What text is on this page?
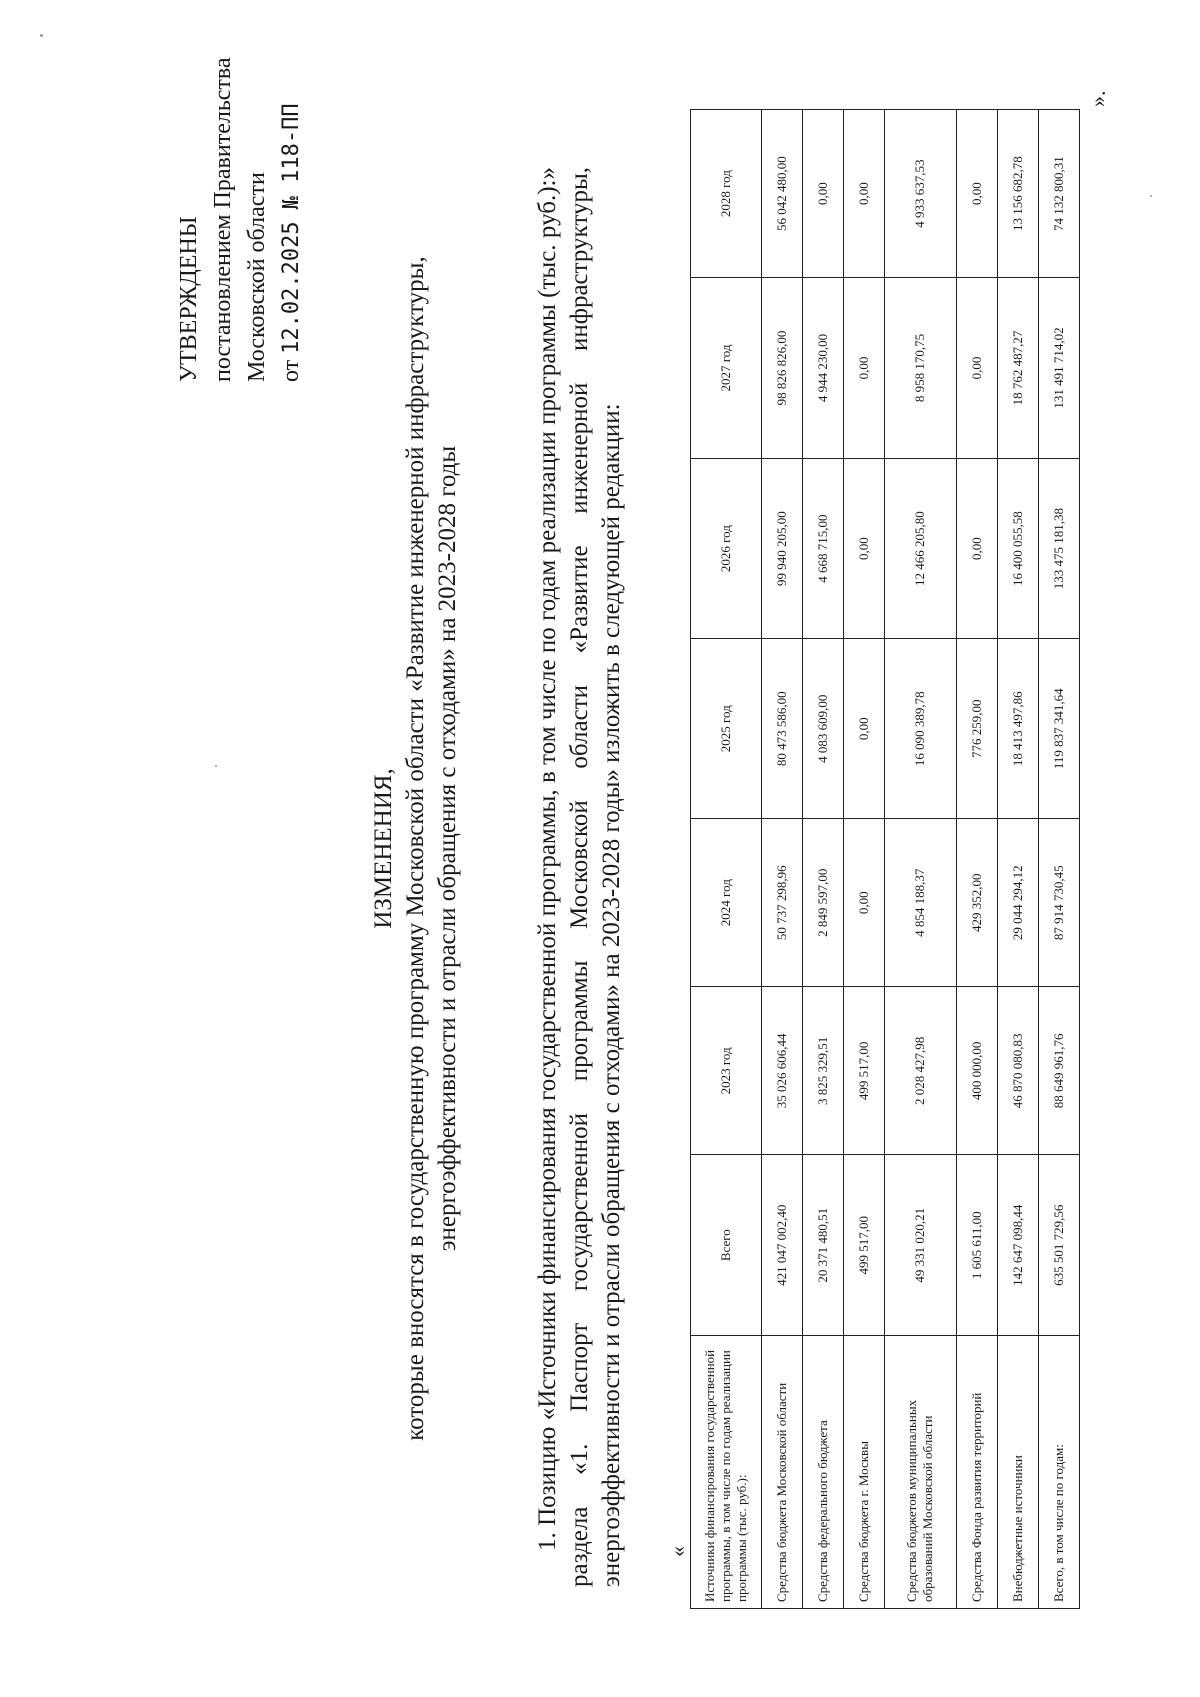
УТВЕРЖДЕНЫ постановлением Правительства Московской области от 12.02.2025  № 118-ПП
ИЗМЕНЕНИЯ, которые вносятся в государственную программу Московской области «Развитие инженерной инфраструктуры, энергоэффективности и отрасли обращения с отходами» на 2023-2028 годы	1. Позицию «Источники финансирования государственной программы, в том числе по годам реализации программы (тыс. руб.):» раздела «1. Паспорт государственной программы Московской области «Развитие инженерной инфраструктуры, энергоэффективности и отрасли обращения с отходами» на 2023-2028 годы» изложить в следующей редакции: « Источники финансирования государственной программы, в том числе по годам реализации программы (тыс. руб.):	Всего	2023 год	2024 год	2025 год	2026 год	2027 год	2028 год
Средства бюджета Московской области	421 047 002,40	35 026 606,44	50 737 298,96	80 473 586,00	99 940 205,00	98 826 826,00	56 042 480,00
Средства федерального бюджета	20 371 480,51	3 825 329,51	2 849 597,00	4 083 609,00	4 668 715,00	4 944 230,00	0,00
Средства бюджета г. Москвы	499 517,00	499 517,00	0,00	0,00	0,00	0,00	0,00
Средства бюджетов муниципальных образований Московской области	49 331 020,21	2 028 427,98	4 854 188,37	16 090 389,78	12 466 205,80	8 958 170,75	4 933 637,53
Средства Фонда развития территорий	1 605 611,00	400 000,00	429 352,00	776 259,00	0,00	0,00	0,00
Внебюджетные источники	142 647 098,44	46 870 080,83	29 044 294,12	18 413 497,86	16 400 055,58	18 762 487,27	13 156 682,78
Всего, в том числе по годам:	635 501 729,56	88 649 961,76	87 914 730,45	119 837 341,64	133 475 181,38	131 491 714,02	74 132 800,31
».
